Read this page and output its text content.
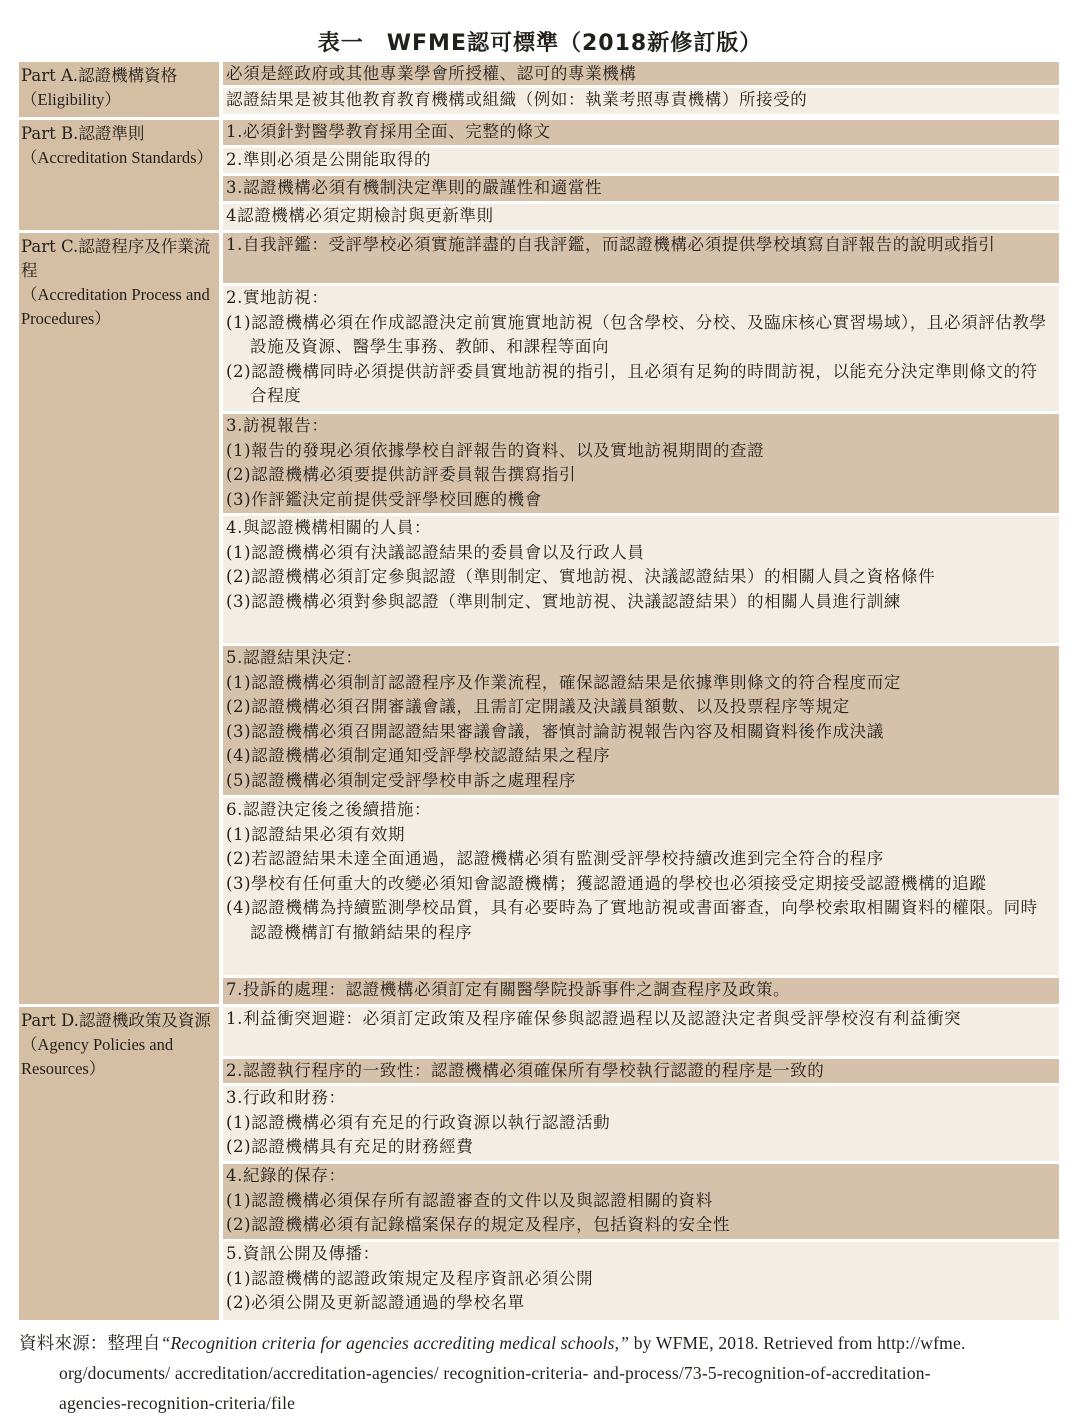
表一　WFME認可標準（2018新修訂版）
Part A.認證機構資格
（Eligibility）
必須是經政府或其他專業學會所授權、認可的專業機構
認證結果是被其他教育教育機構或組織（例如：執業考照專責機構）所接受的
Part B.認證準則
（Accreditation Standards）
1.必須針對醫學教育採用全面、完整的條文
2.準則必須是公開能取得的
3.認證機構必須有機制決定準則的嚴謹性和適當性
4認證機構必須定期檢討與更新準則
Part C.認證程序及作業流程
（Accreditation Process and Procedures）
1.自我評鑑：受評學校必須實施詳盡的自我評鑑，而認證機構必須提供學校填寫自評報告的說明或指引
2.實地訪視：
(1)認證機構必須在作成認證決定前實施實地訪視（包含學校、分校、及臨床核心實習場域），且必須評估教學設施及資源、醫學生事務、教師、和課程等面向
(2)認證機構同時必須提供訪評委員實地訪視的指引，且必須有足夠的時間訪視，以能充分決定準則條文的符合程度
3.訪視報告：
(1)報告的發現必須依據學校自評報告的資料、以及實地訪視期間的查證
(2)認證機構必須要提供訪評委員報告撰寫指引
(3)作評鑑決定前提供受評學校回應的機會
4.與認證機構相關的人員：
(1)認證機構必須有決議認證結果的委員會以及行政人員
(2)認證機構必須訂定參與認證（準則制定、實地訪視、決議認證結果）的相關人員之資格條件
(3)認證機構必須對參與認證（準則制定、實地訪視、決議認證結果）的相關人員進行訓練
5.認證結果決定：
(1)認證機構必須制訂認證程序及作業流程，確保認證結果是依據準則條文的符合程度而定
(2)認證機構必須召開審議會議，且需訂定開議及決議員額數、以及投票程序等規定
(3)認證機構必須召開認證結果審議會議，審慎討論訪視報告內容及相關資料後作成決議
(4)認證機構必須制定通知受評學校認證結果之程序
(5)認證機構必須制定受評學校申訴之處理程序
6.認證決定後之後續措施：
(1)認證結果必須有效期
(2)若認證結果未達全面通過，認證機構必須有監測受評學校持續改進到完全符合的程序
(3)學校有任何重大的改變必須知會認證機構；獲認證通過的學校也必須接受定期接受認證機構的追蹤
(4)認證機構為持續監測學校品質，具有必要時為了實地訪視或書面審查，向學校索取相關資料的權限。同時認證機構訂有撤銷結果的程序
7.投訴的處理：認證機構必須訂定有關醫學院投訴事件之調查程序及政策。
Part D.認證機政策及資源
（Agency Policies and Resources）
1.利益衝突迴避：必須訂定政策及程序確保參與認證過程以及認證決定者與受評學校沒有利益衝突
2.認證執行程序的一致性：認證機構必須確保所有學校執行認證的程序是一致的
3.行政和財務：
(1)認證機構必須有充足的行政資源以執行認證活動
(2)認證機構具有充足的財務經費
4.紀錄的保存：
(1)認證機構必須保存所有認證審查的文件以及與認證相關的資料
(2)認證機構必須有記錄檔案保存的規定及程序，包括資料的安全性
5.資訊公開及傳播：
(1)認證機構的認證政策規定及程序資訊必須公開
(2)必須公開及更新認證通過的學校名單
資料來源：整理自“Recognition criteria for agencies accrediting medical schools,” by WFME, 2018. Retrieved from http://wfme.
org/documents/ accreditation/accreditation-agencies/ recognition-criteria- and-process/73-5-recognition-of-accreditation-
agencies-recognition-criteria/file
